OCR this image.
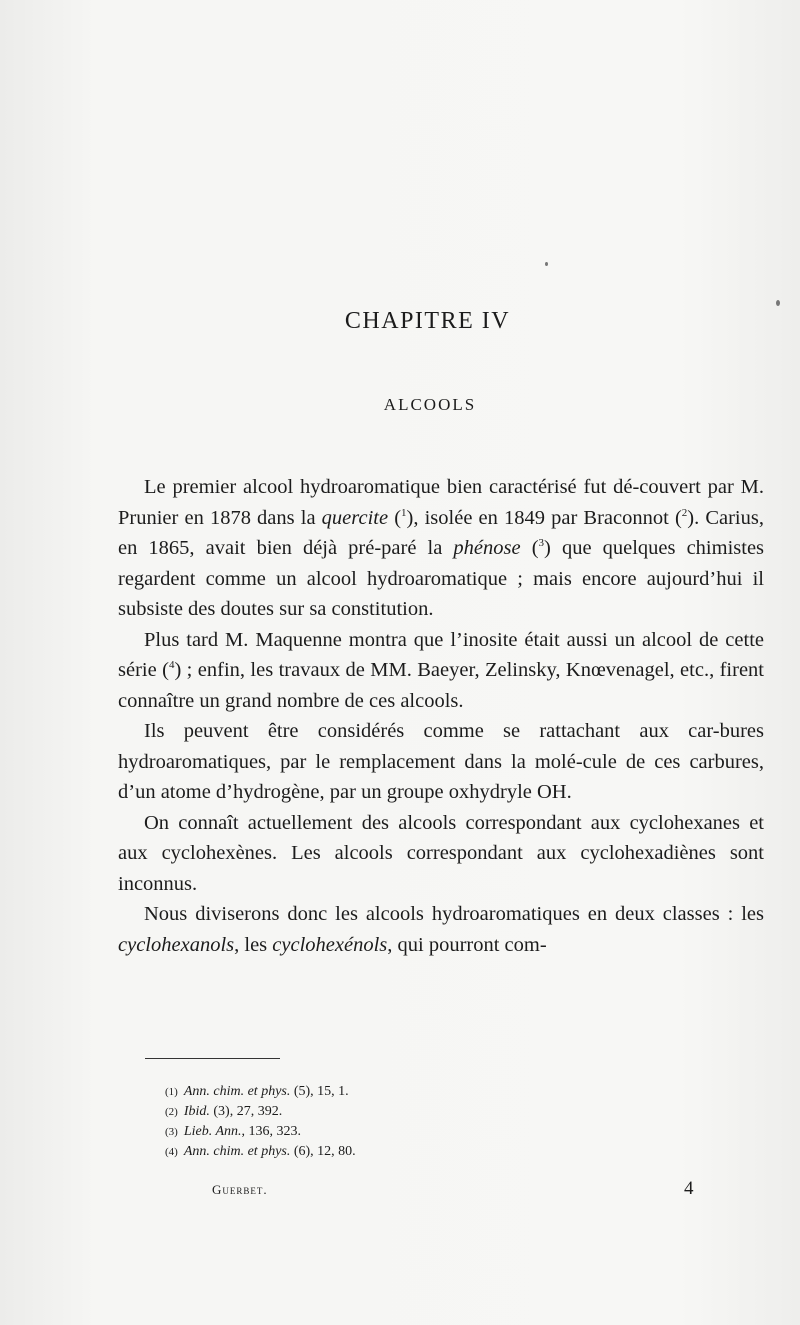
CHAPITRE IV
ALCOOLS

Le premier alcool hydroaromatique bien caractérisé fut dé-couvert par M. Prunier en 1878 dans la quercite ($^1$), isolée en 1849 par Braconnot ($^2$). Carius, en 1865, avait bien déjà pré-paré la phénose ($^3$) que quelques chimistes regardent comme un alcool hydroaromatique ; mais encore aujourd’hui il subsiste des doutes sur sa constitution.

Plus tard M. Maquenne montra que l’inosite était aussi un alcool de cette série ($^4$) ; enfin, les travaux de MM. Baeyer, Zelinsky, Knœvenagel, etc., firent connaître un grand nombre de ces alcools.

Ils peuvent être considérés comme se rattachant aux car-bures hydroaromatiques, par le remplacement dans la molé-cule de ces carbures, d’un atome d’hydrogène, par un groupe oxhydryle OH.

On connaît actuellement des alcools correspondant aux cyclohexanes et aux cyclohexènes. Les alcools correspondant aux cyclohexadiènes sont inconnus.

Nous diviserons donc les alcools hydroaromatiques en deux classes : les cyclohexanols, les cyclohexénols, qui pourront com-

(1) Ann. chim. et phys. (5), 15, 1.
(2) Ibid. (3), 27, 392.
(3) Lieb. Ann., 136, 323.
(4) Ann. chim. et phys. (6), 12, 80.
Guerbet.	4
